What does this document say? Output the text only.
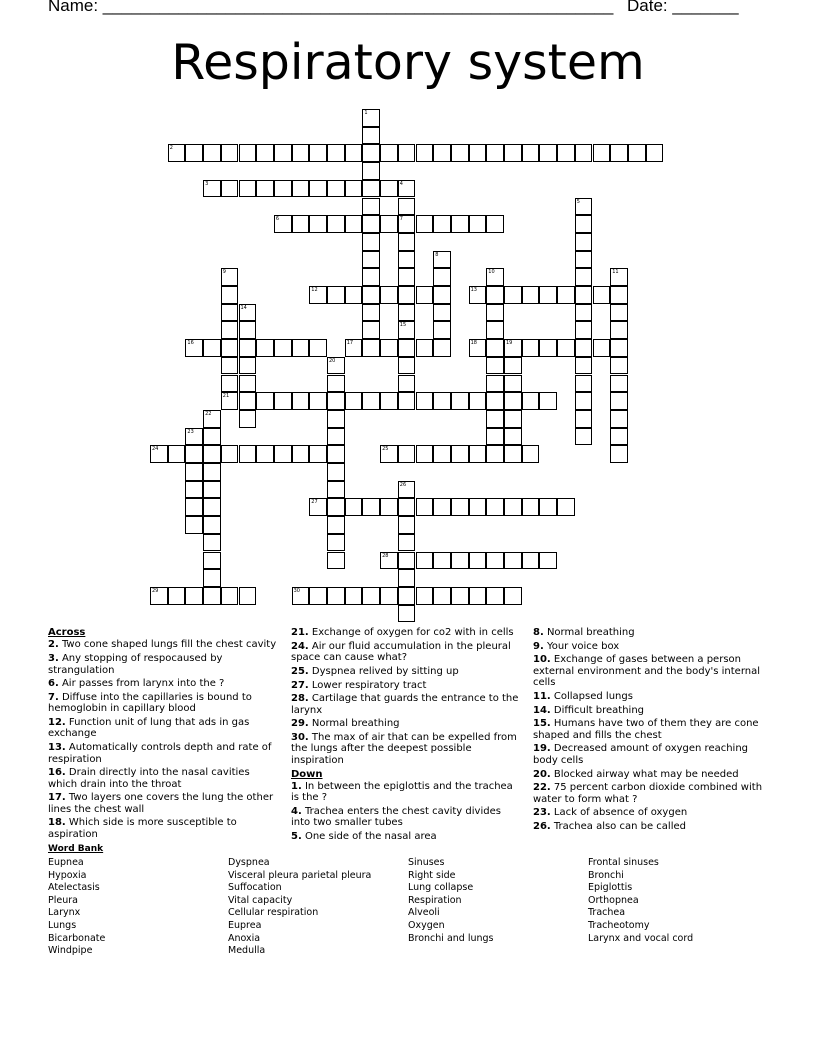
Name: ______________________________________________________ Date: _______
Respiratory system
1
2
3	4
7
15
5
6
8
9
21
10	11
12	13
14
16	17	18	19
20
22
23
24	25
26
27
28
29	30
Across
2. Two cone shaped lungs fill the chest cavity
3. Any stopping of respocaused by strangulation
6. Air passes from larynx into the ?
7. Diffuse into the capillaries is bound to hemoglobin in capillary blood
12. Function unit of lung that ads in gas exchange
13. Automatically controls depth and rate of respiration
16. Drain directly into the nasal cavities which drain into the throat
17. Two layers one covers the lung the other lines the chest wall
18. Which side is more susceptible to aspiration
21. Exchange of oxygen for co2 with in cells
24. Air our fluid accumulation in the pleural space can cause what?
25. Dyspnea relived by sitting up
27. Lower respiratory tract
28. Cartilage that guards the entrance to the larynx
29. Normal breathing
30. The max of air that can be expelled from the lungs after the deepest possible inspiration
Down
1. In between the epiglottis and the trachea is the ?
4. Trachea enters the chest cavity divides into two smaller tubes
5. One side of the nasal area
8. Normal breathing
9. Your voice box
10. Exchange of gases between a person external environment and the body's internal cells
11. Collapsed lungs
14. Difficult breathing
15. Humans have two of them they are cone shaped and fills the chest
19. Decreased amount of oxygen reaching body cells
20. Blocked airway what may be needed
22. 75 percent carbon dioxide combined with water to form what ?
23. Lack of absence of oxygen
26. Trachea also can be called
Word Bank
Eupnea
Hypoxia
Atelectasis
Pleura
Larynx
Lungs
Bicarbonate
Windpipe
Dyspnea
Visceral pleura parietal pleura
Suffocation
Vital capacity
Cellular respiration
Euprea
Anoxia
Medulla
Sinuses
Right side
Lung collapse
Respiration
Alveoli
Oxygen
Bronchi and lungs
Frontal sinuses
Bronchi
Epiglottis
Orthopnea
Trachea
Tracheotomy
Larynx and vocal cord
